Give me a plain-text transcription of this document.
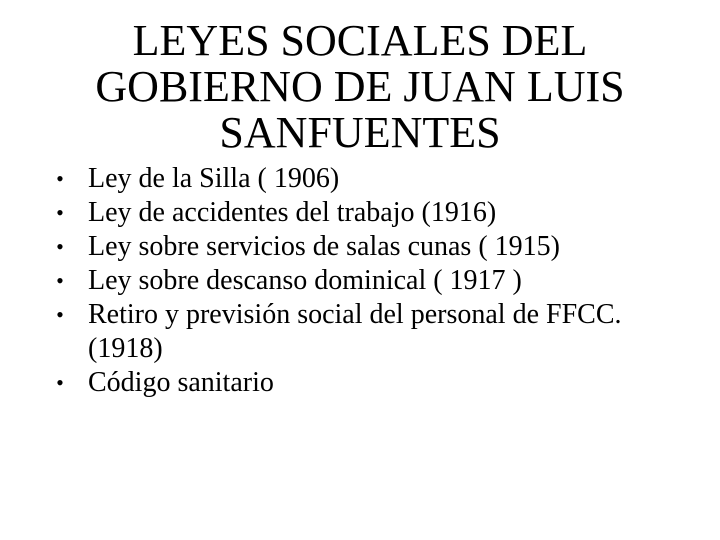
LEYES SOCIALES DEL GOBIERNO DE JUAN LUIS SANFUENTES
• Ley de la Silla ( 1906)
• Ley de accidentes del trabajo (1916)
• Ley sobre servicios de salas cunas ( 1915)
• Ley sobre descanso dominical ( 1917 )
• Retiro y previsión social del personal de FFCC. (1918)
• Código sanitario
